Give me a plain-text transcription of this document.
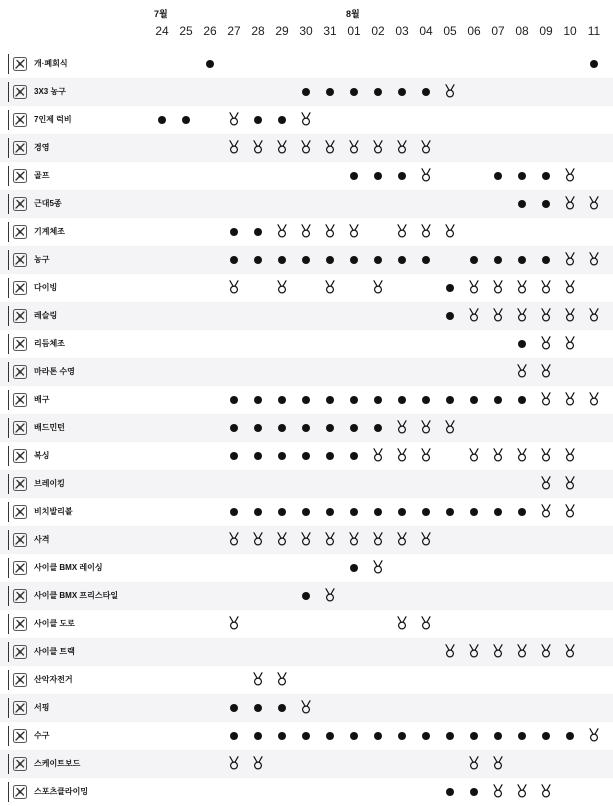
7월	8월
24 25 26 27 28 29 30 31 01 02 03 04 05 06 07 08 09 10 11
개·폐회식
3X3 농구
7인제 럭비
경영
골프
근대5종
기계체조
농구
다이빙
레슬링
리듬체조
마라톤 수영
배구
배드민턴
복싱
브레이킹
비치발리볼
사격
사이클 BMX 레이싱
사이클 BMX 프리스타일
사이클 도로
사이클 트랙
산악자전거
서핑
수구
스케이트보드
스포츠클라이밍
